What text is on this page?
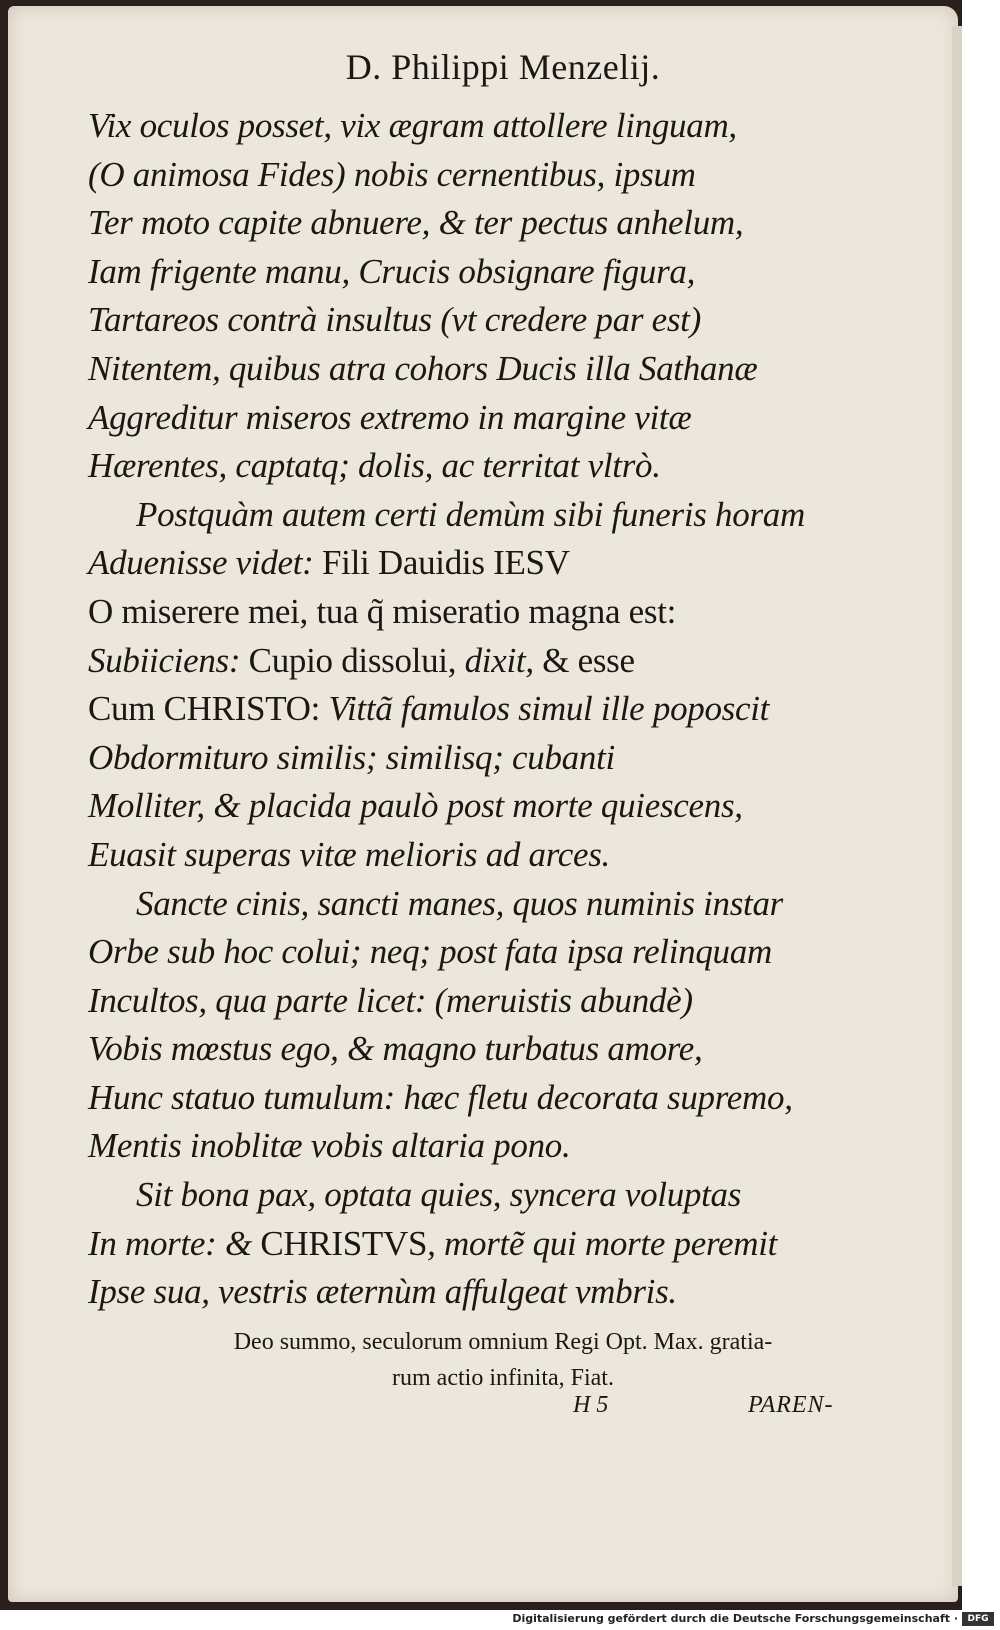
D. Philippi Menzelij.
Vix oculos posset, vix ægram attollere linguam,
(O animosa Fides) nobis cernentibus, ipsum
Ter moto capite abnuere, & ter pectus anhelum,
Iam frigente manu, Crucis obsignare figura,
Tartareos contrà insultus (vt credere par est)
Nitentem, quibus atra cohors Ducis illa Sathanæ
Aggreditur miseros extremo in margine vitæ
Hærentes, captatq; dolis, ac territat vltrò.
Postquàm autem certi demùm sibi funeris horam
Aduenisse videt: Fili Dauidis IESV
O miserere mei, tua q̃ miseratio magna est:
Subiiciens: Cupio dissolui, dixit, & esse
Cum CHRISTO: Vittã famulos simul ille poposcit
Obdormituro similis; similisq; cubanti
Molliter, & placida paulò post morte quiescens,
Euasit superas vitæ melioris ad arces.
Sancte cinis, sancti manes, quos numinis instar
Orbe sub hoc colui; neq; post fata ipsa relinquam
Incultos, qua parte licet: (meruistis abundè)
Vobis mœstus ego, & magno turbatus amore,
Hunc statuo tumulum: hæc fletu decorata supremo,
Mentis inoblitæ vobis altaria pono.
Sit bona pax, optata quies, syncera voluptas
In morte: & CHRISTVS, mortẽ qui morte peremit
Ipse sua, vestris æternùm affulgeat vmbris.
Deo summo, seculorum omnium Regi Opt. Max. gratia-
rum actio infinita, Fiat.
H 5	PAREN-
Digitalisierung gefördert durch die Deutsche Forschungsgemeinschaft ·	DFG
